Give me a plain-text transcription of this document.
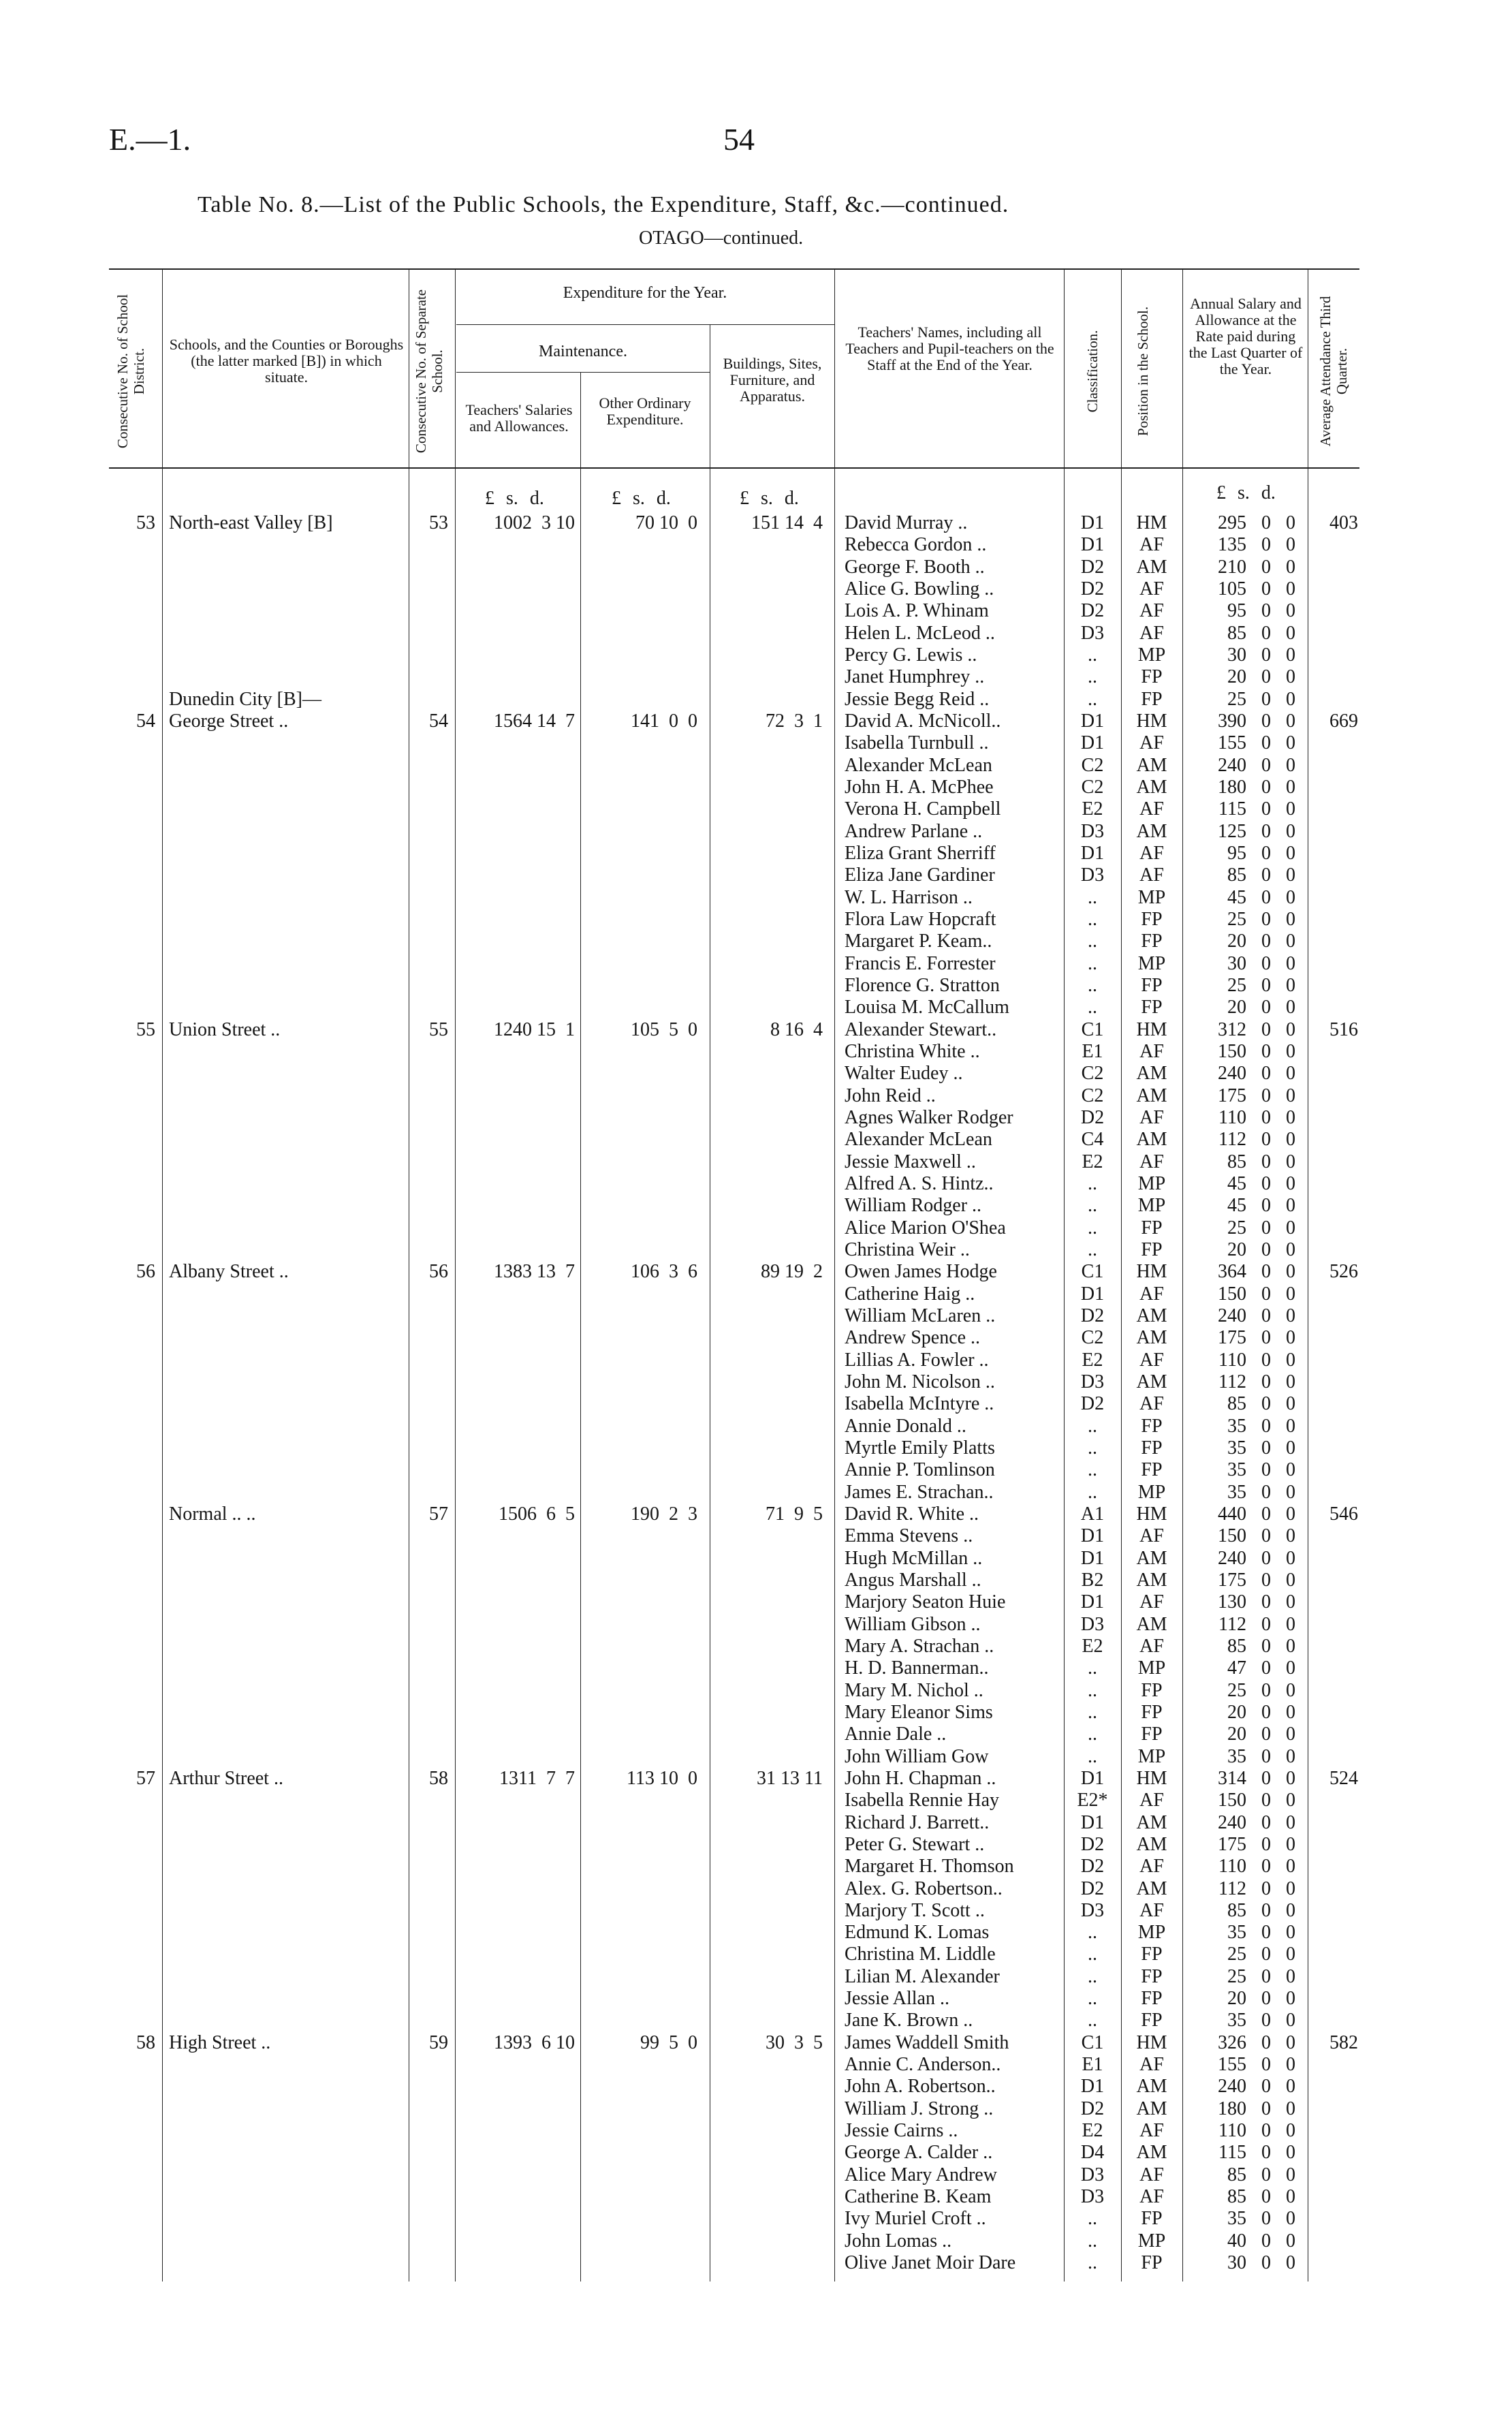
E.—1.	54
Table No. 8.—List of the Public Schools, the Expenditure, Staff, &c.—continued.
OTAGO—continued.
Consecutive No. of School District.
Schools, and the Counties or Boroughs (the latter marked [B]) in which situate.	Consecutive No. of Separate School.
Expenditure for the Year.
Maintenance.
Teachers' Salaries and Allowances.
Other Ordinary Expenditure.
Buildings, Sites, Furniture, and Apparatus.
Teachers' Names, including all Teachers and Pupil-teachers on the Staff at the End of the Year.	Classification. Position in the School.
Annual Salary and Allowance at the Rate paid during the Last Quarter of the Year.	Average Attendance Third Quarter.
£ s. d.	£ s. d.	£ s. d.	£ s. d.
53 North-east Valley [B]	53	1002  3 10	70 10  0	151 14  4 David Murray ..	D1	HM	295  0  0	403
Rebecca Gordon ..	D1	AF	135  0  0
George F. Booth ..	D2	AM	210  0  0
Alice G. Bowling ..	D2	AF	105  0  0
Lois A. P. Whinam	D2	AF	95  0  0
Helen L. McLeod ..	D3	AF	85  0  0
Percy G. Lewis ..	..	MP	30  0  0
Janet Humphrey ..	..	FP	20  0  0
Dunedin City [B]—	Jessie Begg Reid ..	..	FP	25  0  0
54 George Street ..	54	1564 14  7	141  0  0	72  3  1 David A. McNicoll..	D1	HM	390  0  0	669
Isabella Turnbull ..	D1	AF	155  0  0
Alexander McLean	C2	AM	240  0  0
John H. A. McPhee	C2	AM	180  0  0
Verona H. Campbell	E2	AF	115  0  0
Andrew Parlane ..	D3	AM	125  0  0
Eliza Grant Sherriff	D1	AF	95  0  0
Eliza Jane Gardiner	D3	AF	85  0  0
W. L. Harrison ..	..	MP	45  0  0
Flora Law Hopcraft	..	FP	25  0  0
Margaret P. Keam..	..	FP	20  0  0
Francis E. Forrester	..	MP	30  0  0
Florence G. Stratton	..	FP	25  0  0
Louisa M. McCallum	..	FP	20  0  0
55 Union Street ..	55	1240 15  1	105  5  0	8 16  4 Alexander Stewart..	C1	HM	312  0  0	516
Christina White ..	E1	AF	150  0  0
Walter Eudey ..	C2	AM	240  0  0
John Reid ..	C2	AM	175  0  0
Agnes Walker Rodger	D2	AF	110  0  0
Alexander McLean	C4	AM	112  0  0
Jessie Maxwell ..	E2	AF	85  0  0
Alfred A. S. Hintz..	..	MP	45  0  0
William Rodger ..	..	MP	45  0  0
Alice Marion O'Shea	..	FP	25  0  0
Christina Weir ..	..	FP	20  0  0
56 Albany Street ..	56	1383 13  7	106  3  6	89 19  2 Owen James Hodge	C1	HM	364  0  0	526
Catherine Haig ..	D1	AF	150  0  0
William McLaren ..	D2	AM	240  0  0
Andrew Spence ..	C2	AM	175  0  0
Lillias A. Fowler ..	E2	AF	110  0  0
John M. Nicolson ..	D3	AM	112  0  0
Isabella McIntyre ..	D2	AF	85  0  0
Annie Donald ..	..	FP	35  0  0
Myrtle Emily Platts	..	FP	35  0  0
Annie P. Tomlinson	..	FP	35  0  0
James E. Strachan..	..	MP	35  0  0
Normal .. ..	57	1506  6  5	190  2  3	71  9  5 David R. White ..	A1	HM	440  0  0	546
Emma Stevens ..	D1	AF	150  0  0
Hugh McMillan ..	D1	AM	240  0  0
Angus Marshall ..	B2	AM	175  0  0
Marjory Seaton Huie	D1	AF	130  0  0
William Gibson ..	D3	AM	112  0  0
Mary A. Strachan ..	E2	AF	85  0  0
H. D. Bannerman..	..	MP	47  0  0
Mary M. Nichol ..	..	FP	25  0  0
Mary Eleanor Sims	..	FP	20  0  0
Annie Dale ..	..	FP	20  0  0
John William Gow	..	MP	35  0  0
57 Arthur Street ..	58	1311  7  7	113 10  0	31 13 11 John H. Chapman ..	D1	HM	314  0  0	524
Isabella Rennie Hay	E2*	AF	150  0  0
Richard J. Barrett..	D1	AM	240  0  0
Peter G. Stewart ..	D2	AM	175  0  0
Margaret H. Thomson	D2	AF	110  0  0
Alex. G. Robertson..	D2	AM	112  0  0
Marjory T. Scott ..	D3	AF	85  0  0
Edmund K. Lomas	..	MP	35  0  0
Christina M. Liddle	..	FP	25  0  0
Lilian M. Alexander	..	FP	25  0  0
Jessie Allan ..	..	FP	20  0  0
Jane K. Brown ..	..	FP	35  0  0
58 High Street ..	59	1393  6 10	99  5  0	30  3  5 James Waddell Smith	C1	HM	326  0  0	582
Annie C. Anderson..	E1	AF	155  0  0
John A. Robertson..	D1	AM	240  0  0
William J. Strong ..	D2	AM	180  0  0
Jessie Cairns ..	E2	AF	110  0  0
George A. Calder ..	D4	AM	115  0  0
Alice Mary Andrew	D3	AF	85  0  0
Catherine B. Keam	D3	AF	85  0  0
Ivy Muriel Croft ..	..	FP	35  0  0
John Lomas ..	..	MP	40  0  0
Olive Janet Moir Dare	..	FP	30  0  0
